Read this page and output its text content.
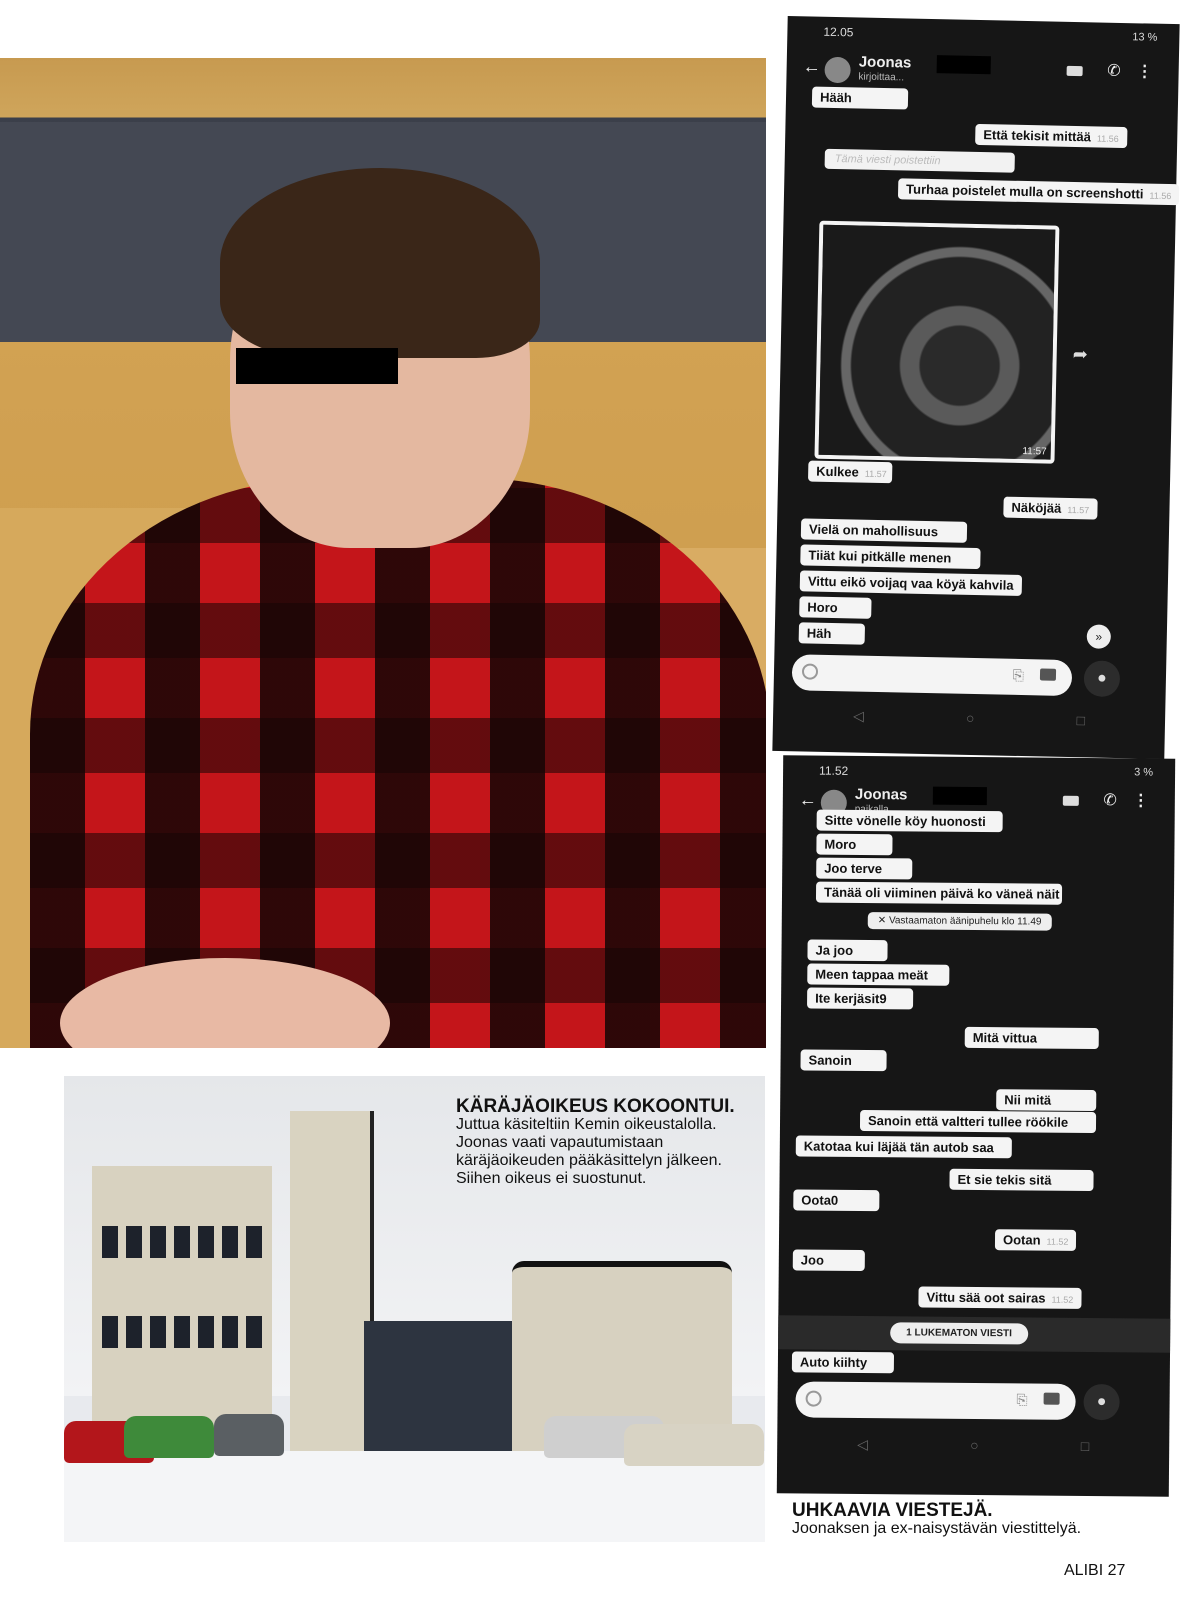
KÄRÄJÄOIKEUS KOKOONTUI.
Juttua käsiteltiin Kemin oikeustalolla. Joonas vaati vapautumistaan käräjäoikeuden pääkäsittelyn jälkeen. Siihen oikeus ei suostunut.
12.05	13 %
←	Joonas
kirjoittaa...	✆ ⋮
Hääh
Että tekisit mittää 11.56
Tämä viesti poistettiin
Turhaa poistelet mulla on screenshotti 11.56
11:57
➦
Kulkee 11.57
Näköjää 11.57
Vielä on mahollisuus
Tiiät kui pitkälle menen
Vittu eikö voijaq vaa köyä kahvila
Horo
Häh	»
⎘	●
◁	○	□
11.52	3 %
←	Joonas	✆ ⋮
Sitte vönelle köy huonosti
Moro
Joo terve
Tänää oli viiminen päivä ko väneä näit
✕ Vastaamaton äänipuhelu klo 11.49
Ja joo
Meen tappaa meät
Ite kerjäsit9
Mitä vittua
Sanoin
Nii mitä
Sanoin että valtteri tullee röökile
Katotaa kui läjää tän autob saa
Et sie tekis sitä
Oota0
Ootan 11.52
Joo
Vittu sää oot sairas 11.52
1 LUKEMATON VIESTI
Auto kiihty
⎘	●
◁	○	□
UHKAAVIA VIESTEJÄ.
Joonaksen ja ex-naisystävän viestittelyä.
ALIBI 27
